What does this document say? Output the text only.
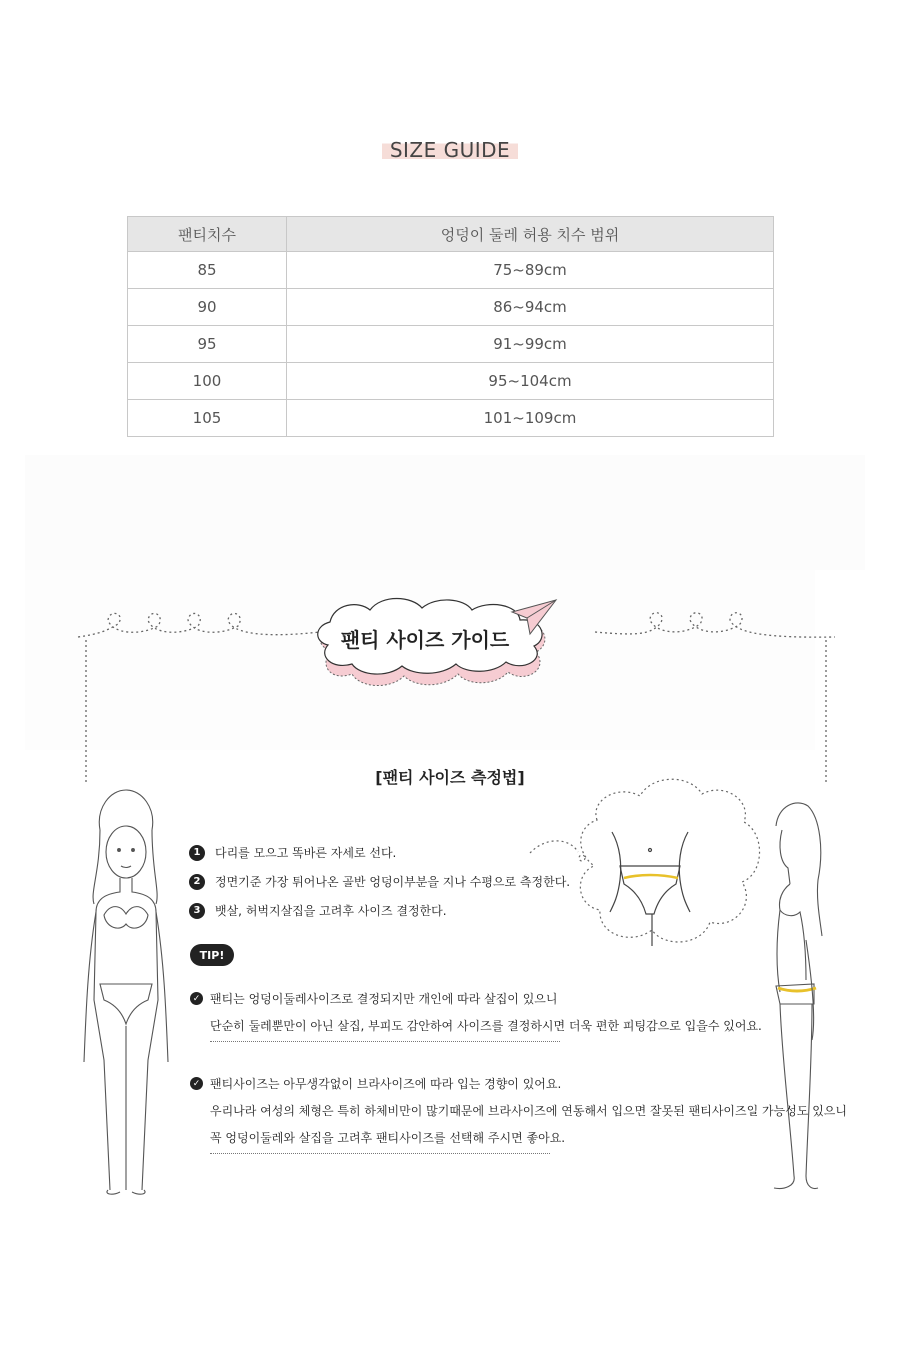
SIZE GUIDE
팬티치수	엉덩이 둘레 허용 치수 범위
85	75~89cm
90	86~94cm
95	91~99cm
100	95~104cm
105	101~109cm
팬티 사이즈 가이드
[팬티 사이즈 측정법]
1	다리를 모으고 똑바른 자세로 선다.
2	정면기준 가장 튀어나온 골반 엉덩이부분을 지나 수평으로 측정한다.
3	뱃살, 허벅지살집을 고려후 사이즈 결정한다.
TIP!
✓ 팬티는 엉덩이둘레사이즈로 결정되지만 개인에 따라 살집이 있으니
단순히 둘레뿐만이 아닌 살집, 부피도 감안하여 사이즈를 결정하시면 더욱 편한 피팅감으로 입을수 있어요.
✓ 팬티사이즈는 아무생각없이 브라사이즈에 따라 입는 경향이 있어요.
우리나라 여성의 체형은 특히 하체비만이 많기때문에 브라사이즈에 연동해서 입으면 잘못된 팬티사이즈일 가능성도 있으니
꼭 엉덩이둘레와 살집을 고려후 팬티사이즈를 선택해 주시면 좋아요.
